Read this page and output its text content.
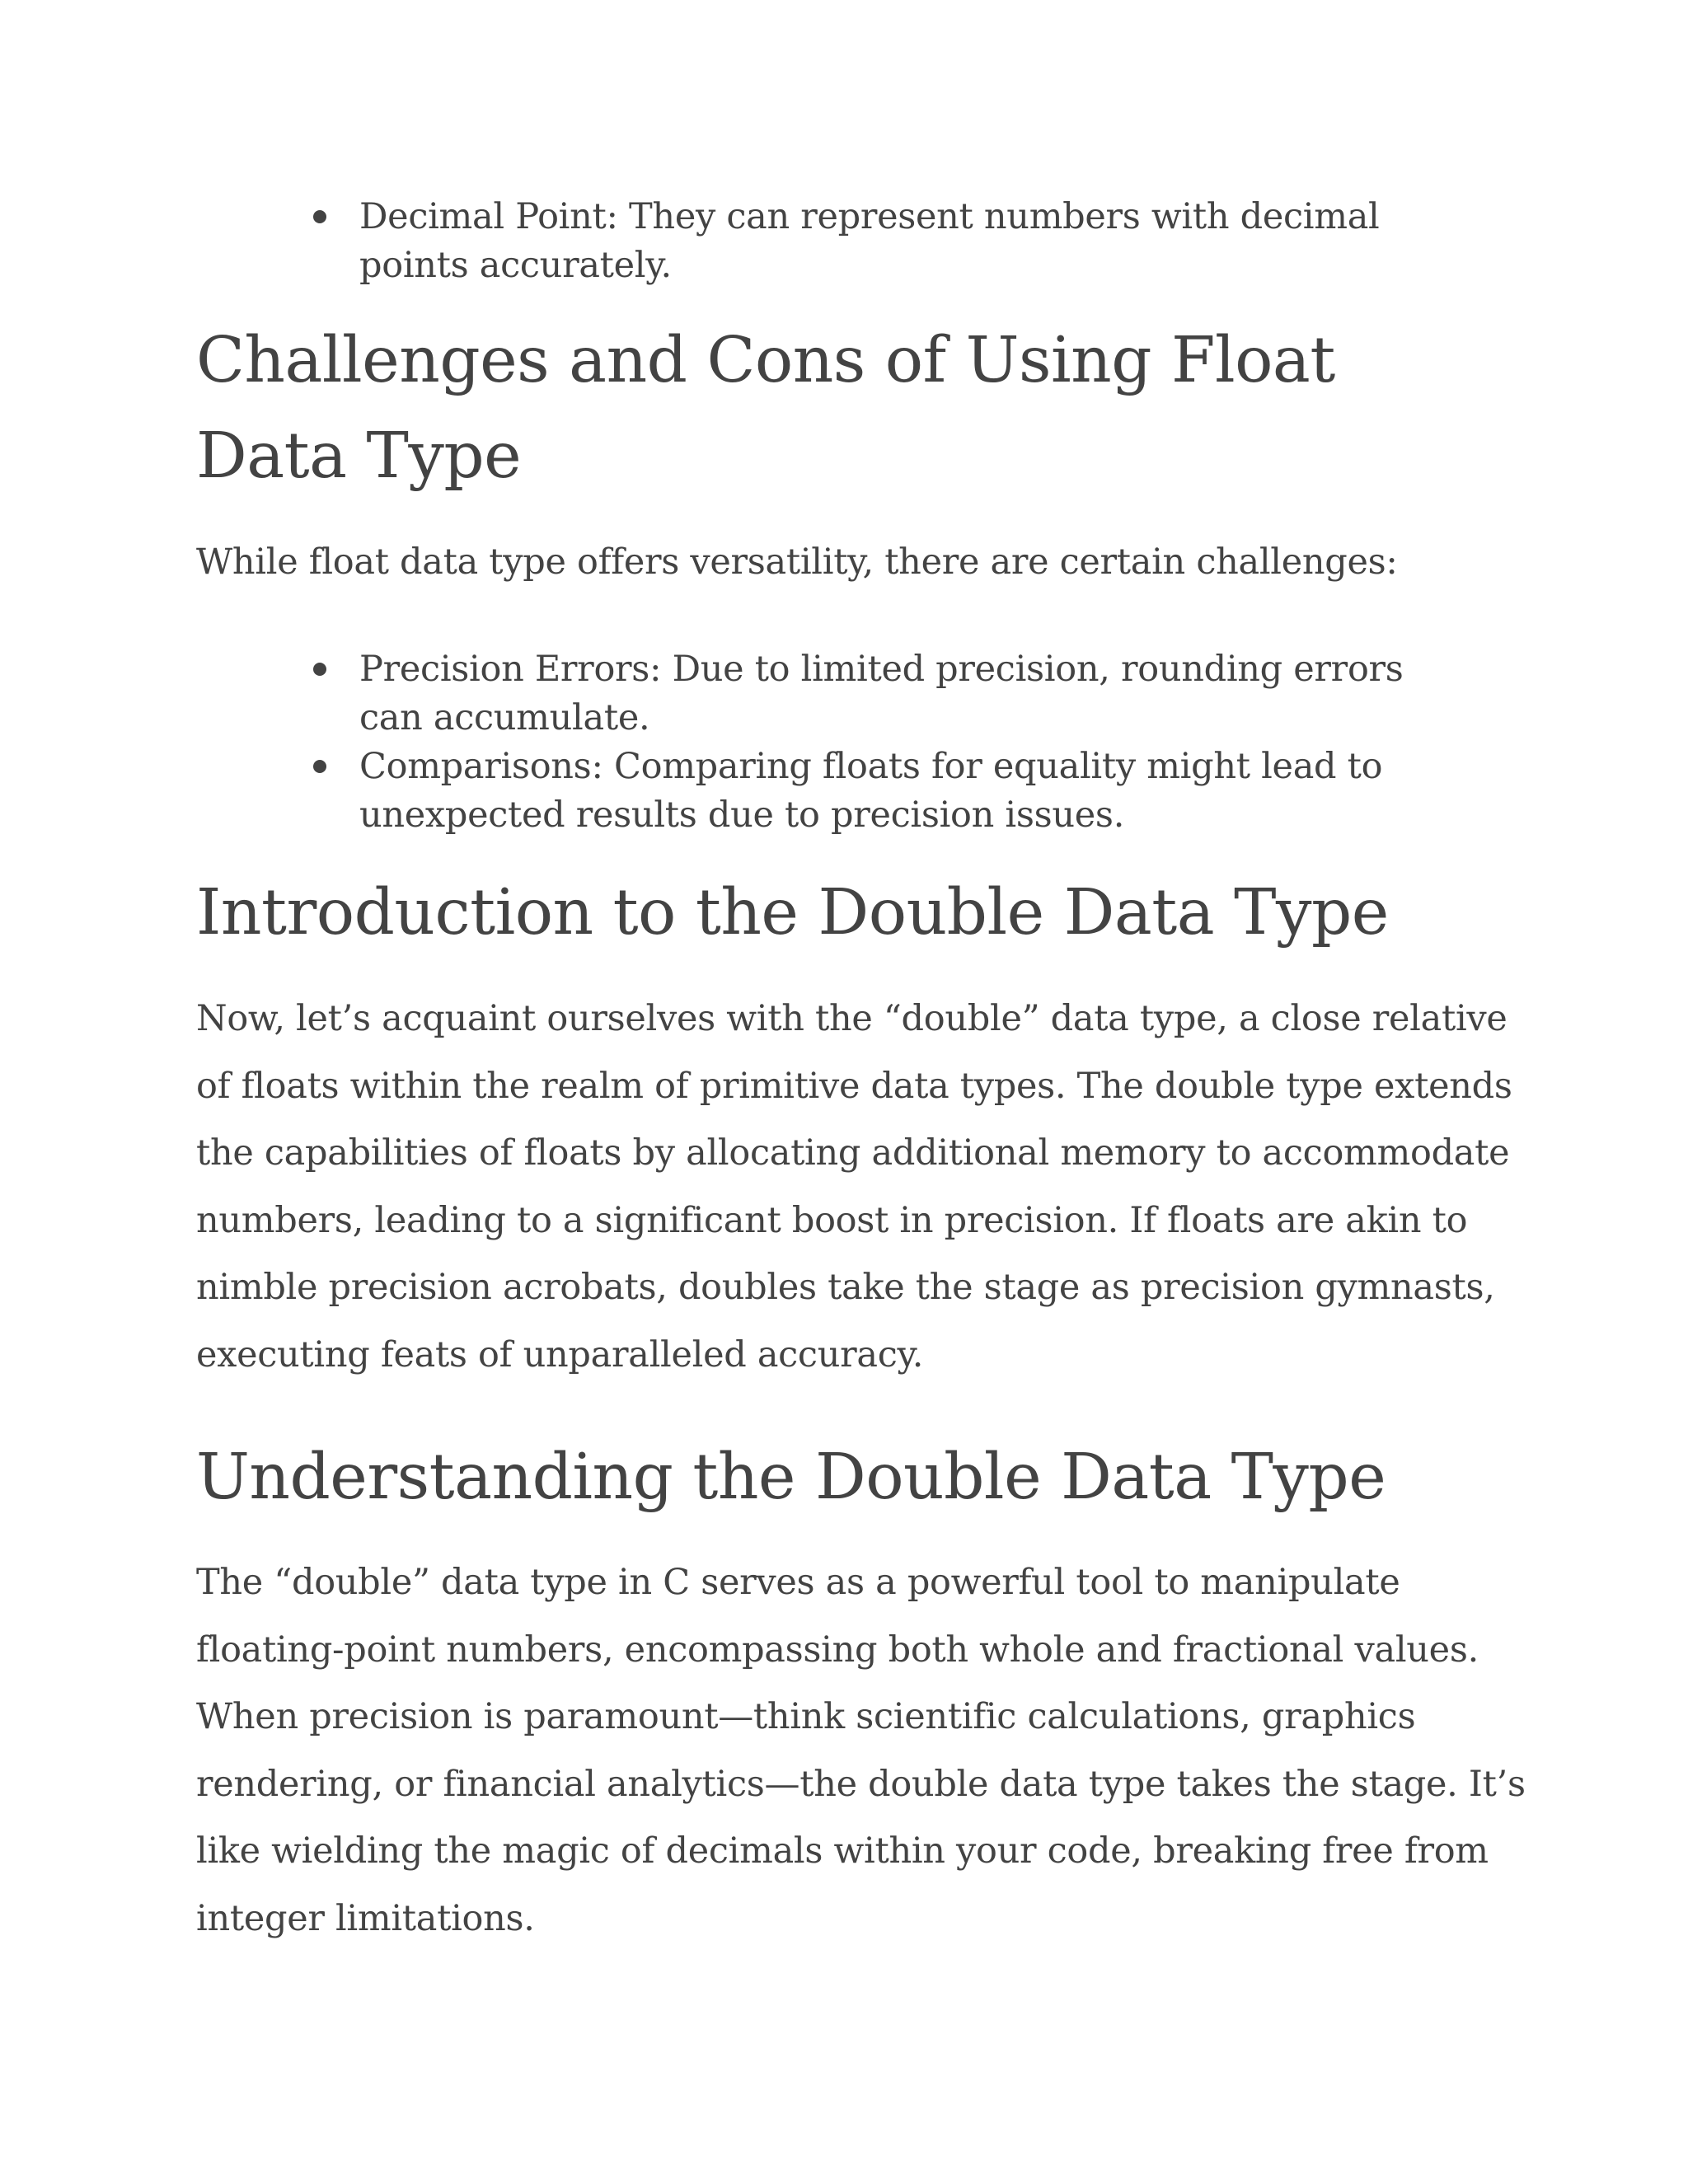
Decimal Point: They can represent numbers with decimal points accurately.
Challenges and Cons of Using Float Data Type

While float data type offers versatility, there are certain challenges:

Precision Errors: Due to limited precision, rounding errors can accumulate.
Comparisons: Comparing floats for equality might lead to unexpected results due to precision issues.
Introduction to the Double Data Type

Now, let’s acquaint ourselves with the “double” data type, a close relative of floats within the realm of primitive data types. The double type extends the capabilities of floats by allocating additional memory to accommodate numbers, leading to a significant boost in precision. If floats are akin to nimble precision acrobats, doubles take the stage as precision gymnasts, executing feats of unparalleled accuracy.

Understanding the Double Data Type

The “double” data type in C serves as a powerful tool to manipulate floating-point numbers, encompassing both whole and fractional values. When precision is paramount—think scientific calculations, graphics rendering, or financial analytics—the double data type takes the stage. It’s like wielding the magic of decimals within your code, breaking free from integer limitations.
